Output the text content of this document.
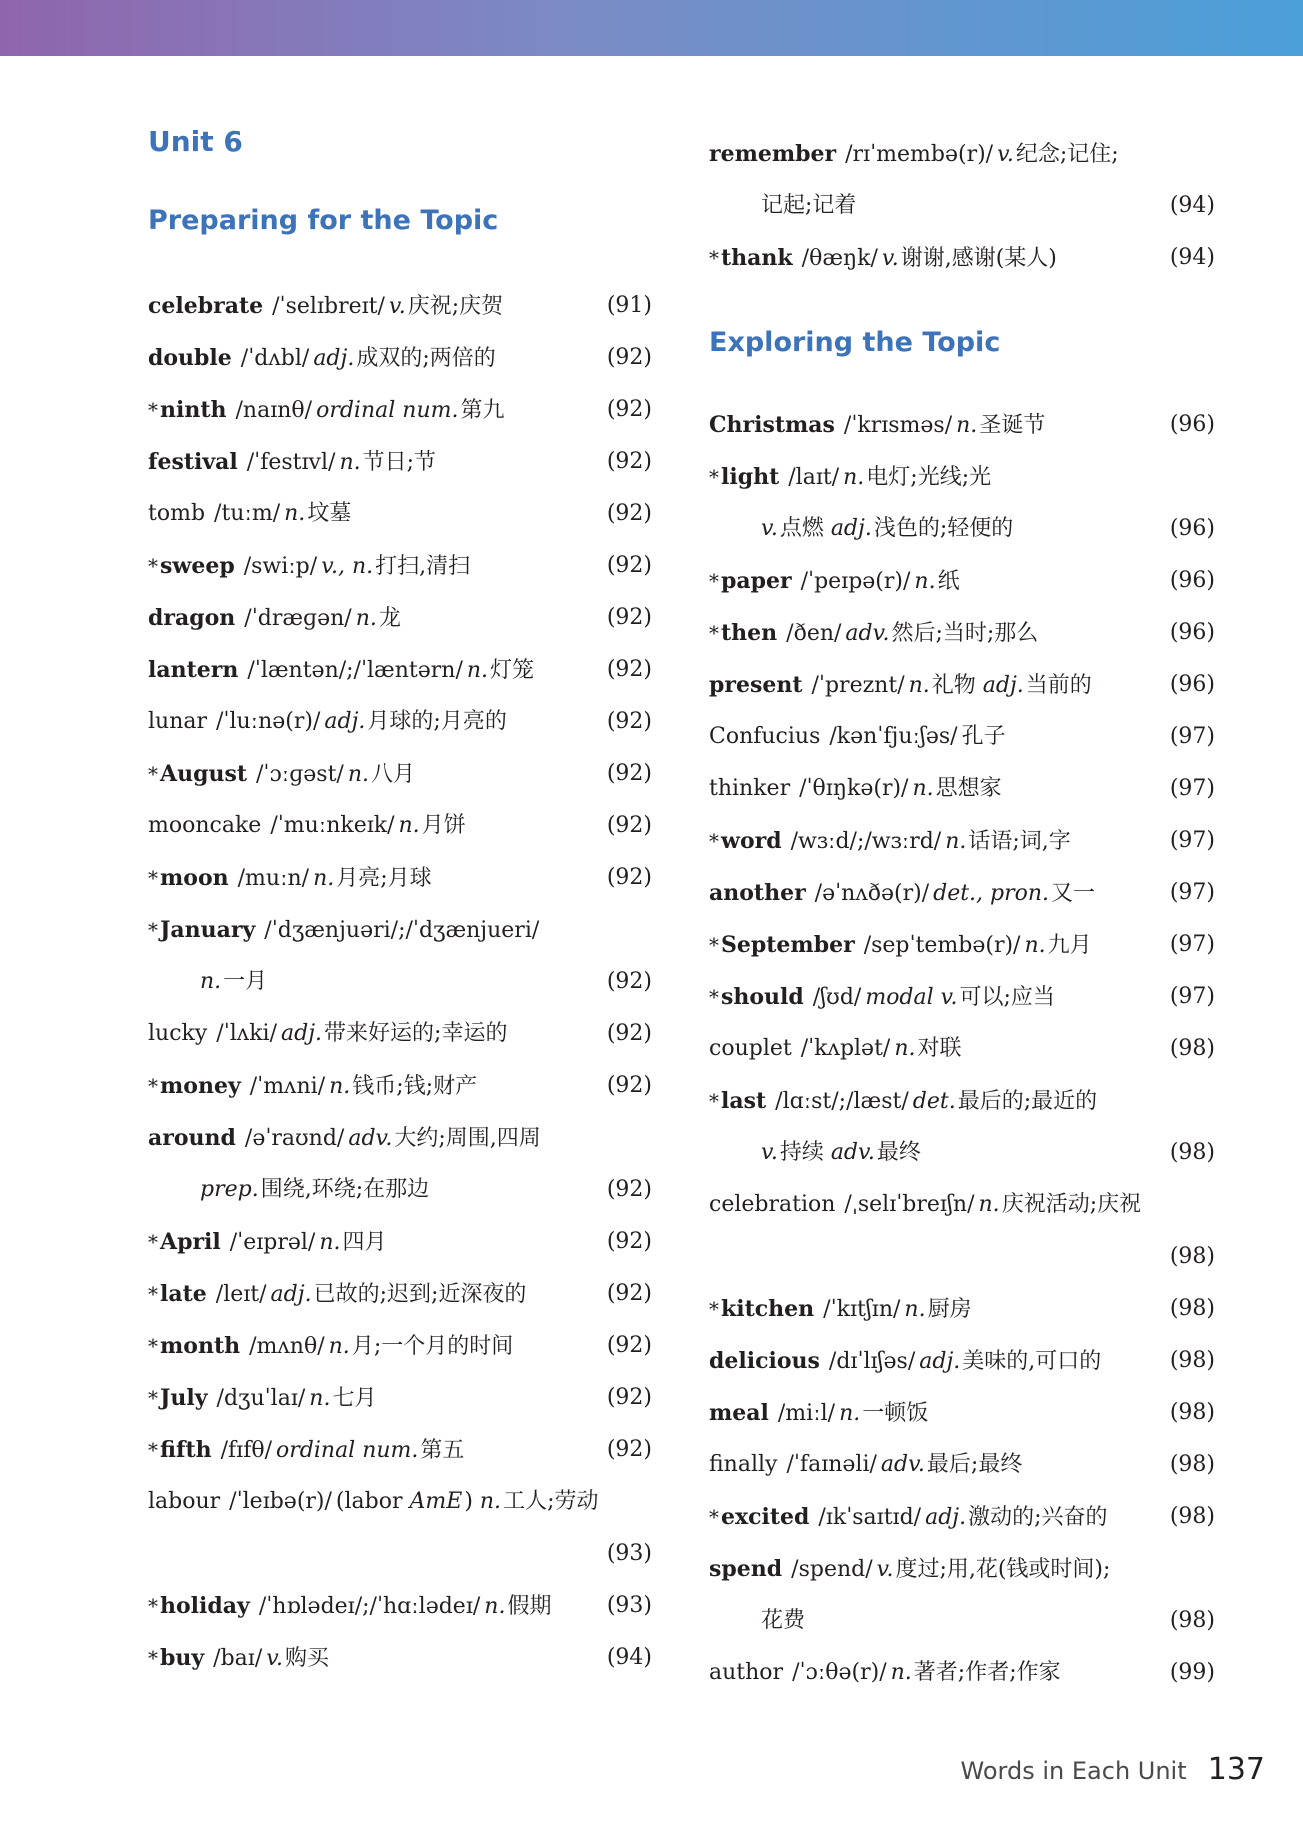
Unit 6
Preparing for the Topic
celebrate /ˈselɪbreɪt/ v.庆祝;庆贺	(91)
double /ˈdʌbl/ adj.成双的;两倍的	(92)
*ninth /naɪnθ/ ordinal num.第九	(92)
festival /ˈfestɪvl/ n.节日;节	(92)
tomb /tuːm/ n.坟墓	(92)
*sweep /swiːp/ v., n.打扫,清扫	(92)
dragon /ˈdræɡən/ n.龙	(92)
lantern /ˈlæntən/;/ˈlæntərn/ n.灯笼	(92)
lunar /ˈluːnə(r)/ adj.月球的;月亮的	(92)
*August /ˈɔːɡəst/ n.八月	(92)
mooncake /ˈmuːnkeɪk/ n.月饼	(92)
*moon /muːn/ n.月亮;月球	(92)
*January /ˈdʒænjuəri/;/ˈdʒænjueri/
n.一月	(92)
lucky /ˈlʌki/ adj.带来好运的;幸运的	(92)
*money /ˈmʌni/ n.钱币;钱;财产	(92)
around /əˈraʊnd/ adv.大约;周围,四周
prep.围绕,环绕;在那边	(92)
*April /ˈeɪprəl/ n.四月	(92)
*late /leɪt/ adj.已故的;迟到;近深夜的	(92)
*month /mʌnθ/ n.月;一个月的时间	(92)
*July /dʒuˈlaɪ/ n.七月	(92)
*fifth /fɪfθ/ ordinal num.第五	(92)
labour /ˈleɪbə(r)/ (labor AmE) n.工人;劳动
(93)
*holiday /ˈhɒlədeɪ/;/ˈhɑːlədeɪ/ n.假期	(93)
*buy /baɪ/ v.购买	(94)
remember /rɪˈmembə(r)/ v.纪念;记住;
记起;记着	(94)
*thank /θæŋk/ v.谢谢,感谢(某人)	(94)
Exploring the Topic
Christmas /ˈkrɪsməs/ n.圣诞节	(96)
*light /laɪt/ n.电灯;光线;光
v.点燃 adj.浅色的;轻便的	(96)
*paper /ˈpeɪpə(r)/ n.纸	(96)
*then /ðen/ adv.然后;当时;那么	(96)
present /ˈpreznt/ n.礼物 adj.当前的	(96)
Confucius /kənˈfjuːʃəs/ 孔子	(97)
thinker /ˈθɪŋkə(r)/ n.思想家	(97)
*word /wɜːd/;/wɜːrd/ n.话语;词,字	(97)
another /əˈnʌðə(r)/ det., pron.又一	(97)
*September /sepˈtembə(r)/ n.九月	(97)
*should /ʃʊd/ modal v.可以;应当	(97)
couplet /ˈkʌplət/ n.对联	(98)
*last /lɑːst/;/læst/ det.最后的;最近的
v.持续 adv.最终	(98)
celebration /ˌselɪˈbreɪʃn/ n.庆祝活动;庆祝
(98)
*kitchen /ˈkɪtʃɪn/ n.厨房	(98)
delicious /dɪˈlɪʃəs/ adj.美味的,可口的	(98)
meal /miːl/ n.一顿饭	(98)
finally /ˈfaɪnəli/ adv.最后;最终	(98)
*excited /ɪkˈsaɪtɪd/ adj.激动的;兴奋的	(98)
spend /spend/ v.度过;用,花(钱或时间);
花费	(98)
author /ˈɔːθə(r)/ n.著者;作者;作家	(99)
Words in Each Unit 137
